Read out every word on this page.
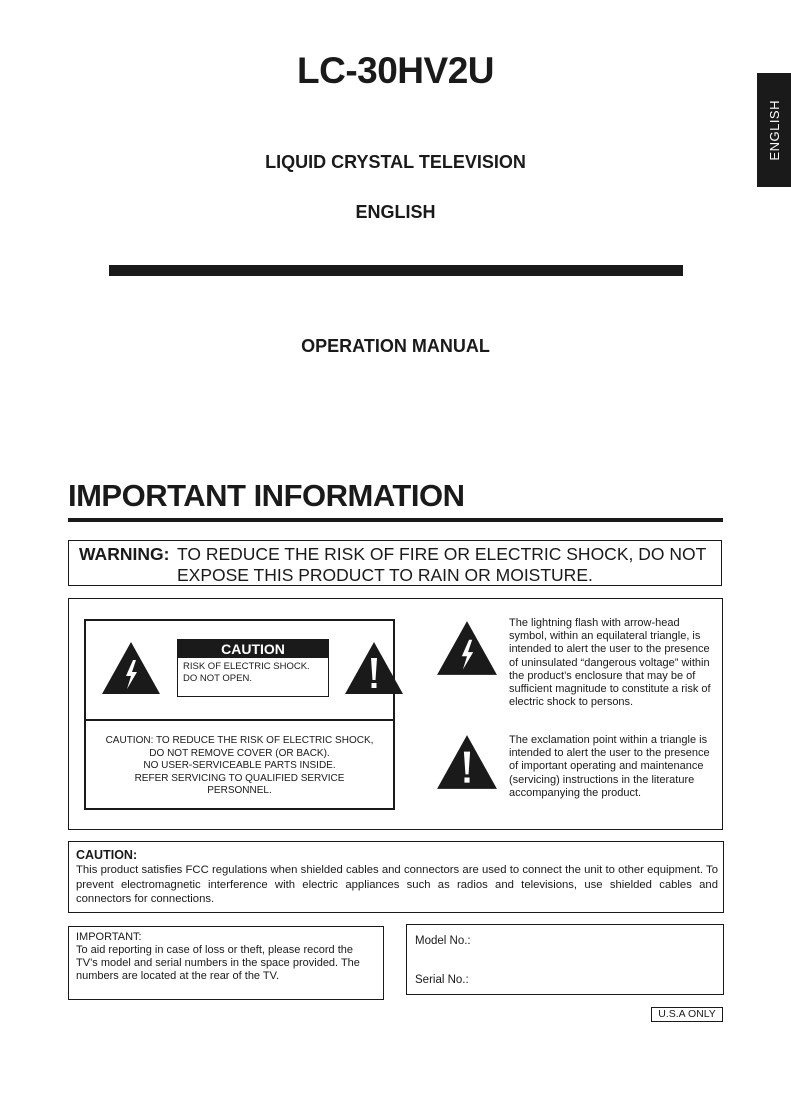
ENGLISH
LC-30HV2U
LIQUID CRYSTAL TELEVISION
ENGLISH
OPERATION MANUAL
IMPORTANT INFORMATION
WARNING: TO REDUCE THE RISK OF FIRE OR ELECTRIC SHOCK, DO NOT EXPOSE THIS PRODUCT TO RAIN OR MOISTURE.
CAUTION
RISK OF ELECTRIC SHOCK.
DO NOT OPEN.
CAUTION: TO REDUCE THE RISK OF ELECTRIC SHOCK,
DO NOT REMOVE COVER (OR BACK).
NO USER-SERVICEABLE PARTS INSIDE.
REFER SERVICING TO QUALIFIED SERVICE
PERSONNEL.
The lightning flash with arrow-head symbol, within an equilateral triangle, is intended to alert the user to the presence of uninsulated “dangerous voltage” within the product’s enclosure that may be of sufficient magnitude to constitute a risk of electric shock to persons.
The exclamation point within a triangle is intended to alert the user to the presence of important operating and maintenance (servicing) instructions in the literature accompanying the product.
CAUTION:
This product satisfies FCC regulations when shielded cables and connectors are used to connect the unit to other equipment. To prevent electromagnetic interference with electric appliances such as radios and televisions, use shielded cables and connectors for connections.
IMPORTANT:
To aid reporting in case of loss or theft, please record the TV’s model and serial numbers in the space provided. The numbers are located at the rear of the TV.
Model No.:
Serial No.:
U.S.A ONLY
